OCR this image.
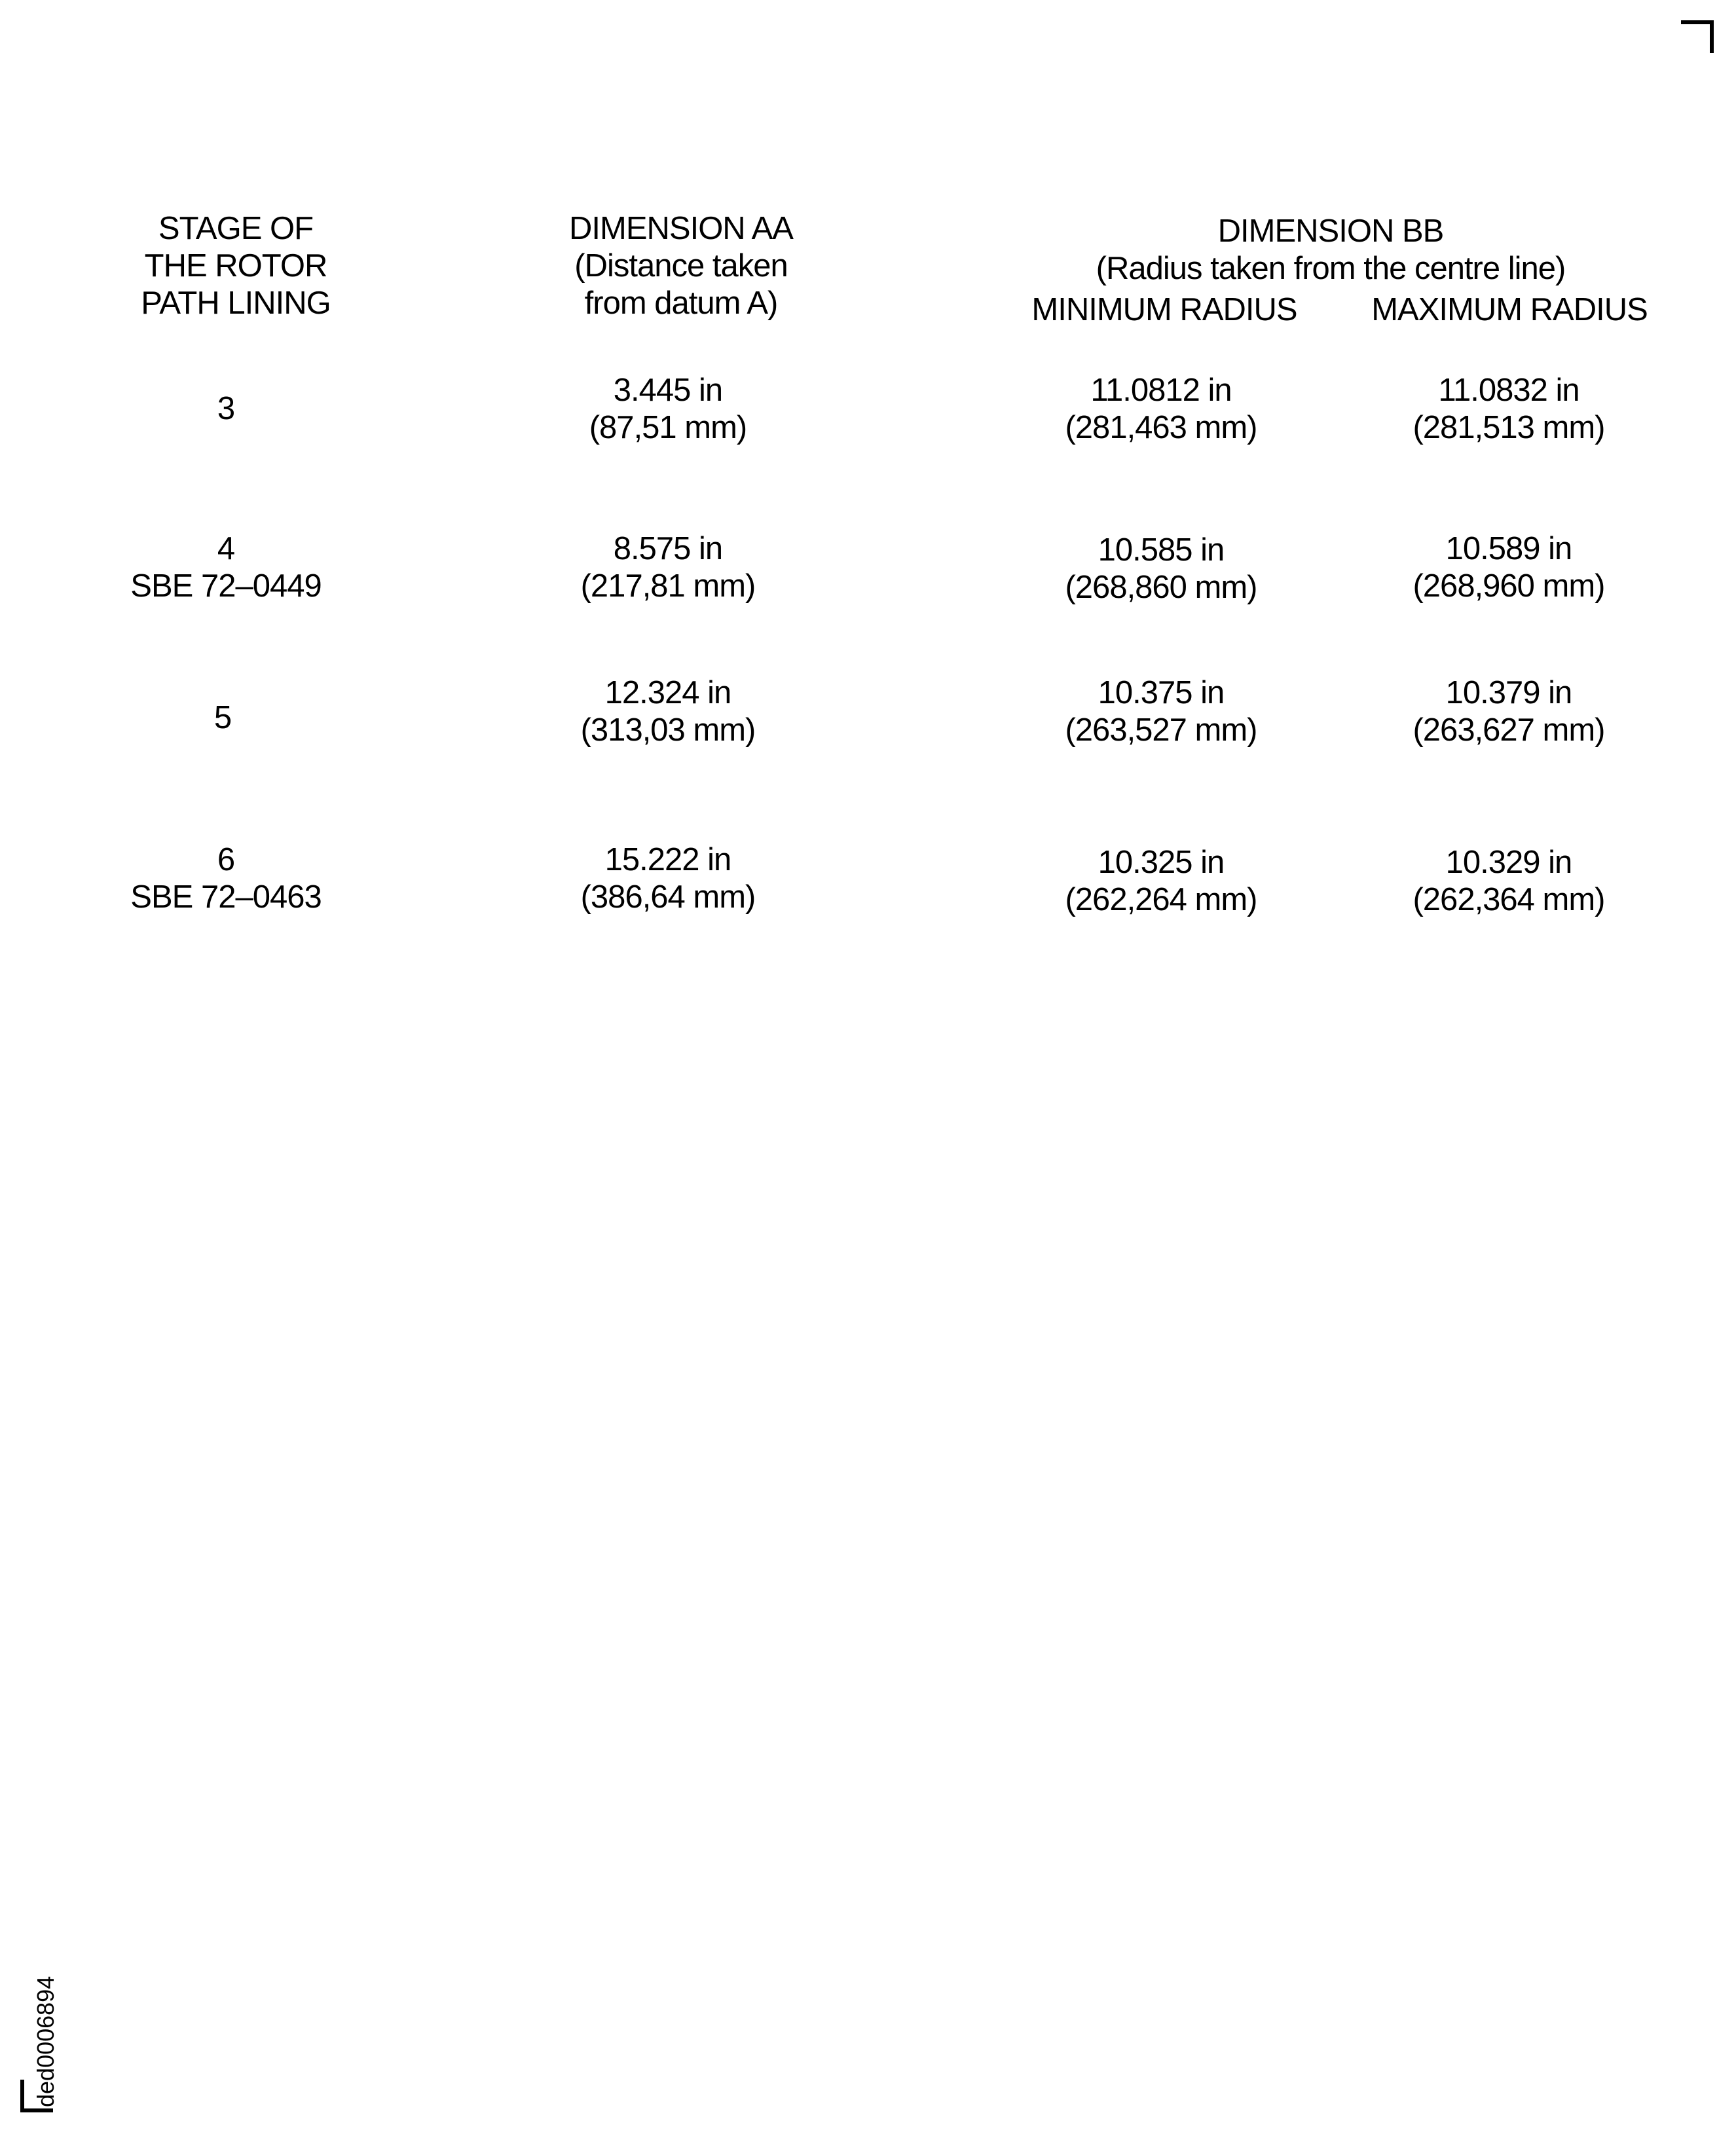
STAGE OF
THE ROTOR
PATH LINING
DIMENSION AA
(Distance taken
from datum A)
DIMENSION BB
(Radius taken from the centre line)
MINIMUM RADIUS MAXIMUM RADIUS
3
3.445 in
(87,51 mm)
11.0812 in
(281,463 mm)
11.0832 in
(281,513 mm)
4
SBE 72–0449
8.575 in
(217,81 mm)
10.585 in
(268,860 mm)
10.589 in
(268,960 mm)
5
12.324 in
(313,03 mm)
10.375 in
(263,527 mm)
10.379 in
(263,627 mm)
6
SBE 72–0463
15.222 in
(386,64 mm)
10.325 in
(262,264 mm)
10.329 in
(262,364 mm)
ded0006894
